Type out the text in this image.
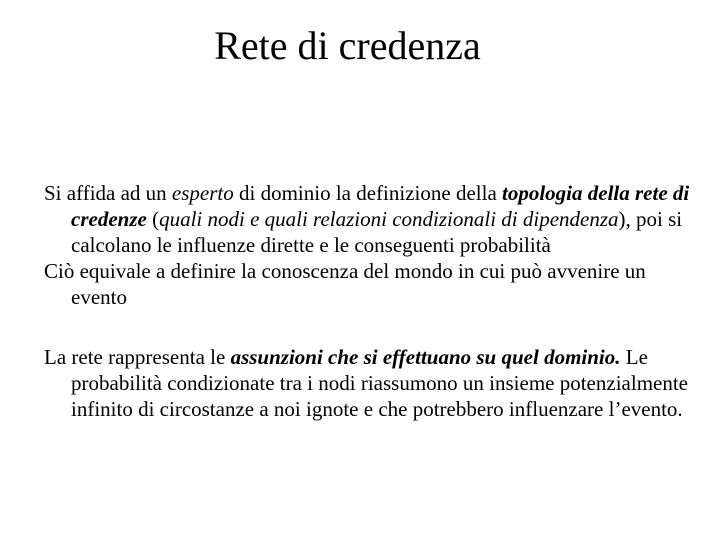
Rete di credenza

Si affida ad un esperto di dominio la definizione della topologia della rete di credenze (quali nodi e quali relazioni condizionali di dipendenza), poi si calcolano le influenze dirette e le conseguenti probabilità

Ciò equivale a definire la conoscenza del mondo in cui può avvenire un evento

La rete rappresenta le assunzioni che si effettuano su quel dominio. Le probabilità condizionate tra i nodi riassumono un insieme potenzialmente infinito di circostanze a noi ignote e che potrebbero influenzare l’evento.
